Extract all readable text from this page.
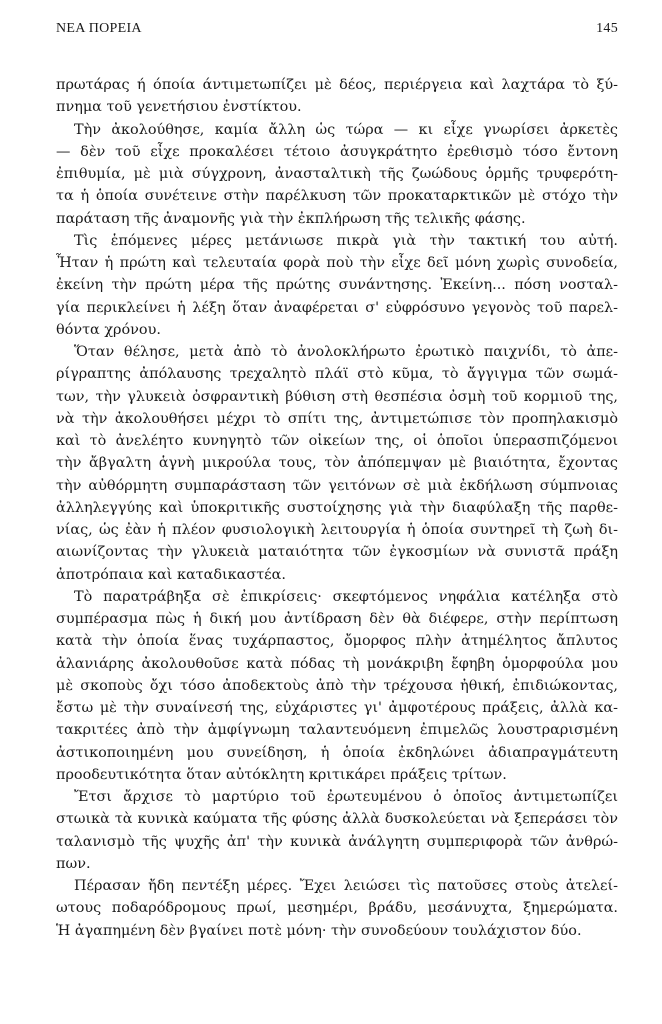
ΝΕΑ ΠΟΡΕΙΑ	145
πρωτάρας ή όποία άντιμετωπίζει μὲ δέος, περιέργεια καὶ λαχτάρα τὸ ξύ-
πνημα τοῦ γενετήσιου ἐνστίκτου.
Τὴν ἀκολούθησε, καμία ἄλλη ὡς τώρα — κι εἶχε γνωρίσει ἀρκετὲς
— δὲν τοῦ εἶχε προκαλέσει τέτοιο ἀσυγκράτητο ἐρεθισμὸ τόσο ἔντονη
ἐπιθυμία, μὲ μιὰ σύγχρονη, ἀνασταλτικὴ τῆς ζωώδους ὁρμῆς τρυφερότη-
τα ἡ ὁποία συνέτεινε στὴν παρέλκυση τῶν προκαταρκτικῶν μὲ στόχο τὴν
παράταση τῆς ἀναμονῆς γιὰ τὴν ἐκπλήρωση τῆς τελικῆς φάσης.
Τὶς ἑπόμενες μέρες μετάνιωσε πικρὰ γιὰ τὴν τακτική του αὐτή.
Ἦταν ἡ πρώτη καὶ τελευταία φορὰ ποὺ τὴν εἶχε δεῖ μόνη χωρὶς συνοδεία,
ἐκείνη τὴν πρώτη μέρα τῆς πρώτης συνάντησης. Ἐκείνη... πόση νοσταλ-
γία περικλείνει ἡ λέξη ὅταν ἀναφέρεται σ' εὐφρόσυνο γεγονὸς τοῦ παρελ-
θόντα χρόνου.
Ὅταν θέλησε, μετὰ ἀπὸ τὸ ἀνολοκλήρωτο ἐρωτικὸ παιχνίδι, τὸ ἀπε-
ρίγραπτης ἀπόλαυσης τρεχαλητὸ πλάϊ στὸ κῦμα, τὸ ἄγγιγμα τῶν σωμά-
των, τὴν γλυκειὰ ὀσφραντικὴ βύθιση στὴ θεσπέσια ὀσμὴ τοῦ κορμιοῦ της,
νὰ τὴν ἀκολουθήσει μέχρι τὸ σπίτι της, ἀντιμετώπισε τὸν προπηλακισμὸ
καὶ τὸ ἀνελέητο κυνηγητὸ τῶν οἰκείων της, οἱ ὁποῖοι ὑπερασπιζόμενοι
τὴν ἄβγαλτη ἁγνὴ μικρούλα τους, τὸν ἀπόπεμψαν μὲ βιαιότητα, ἔχοντας
τὴν αὐθόρμητη συμπαράσταση τῶν γειτόνων σὲ μιὰ ἐκδήλωση σύμπνοιας
ἀλληλεγγύης καὶ ὑποκριτικῆς συστοίχησης γιὰ τὴν διαφύλαξη τῆς παρθε-
νίας, ὡς ἐὰν ἡ πλέον φυσιολογικὴ λειτουργία ἡ ὁποία συντηρεῖ τὴ ζωὴ δι-
αιωνίζοντας τὴν γλυκειὰ ματαιότητα τῶν ἐγκοσμίων νὰ συνιστᾶ πράξη
ἀποτρόπαια καὶ καταδικαστέα.
Τὸ παρατράβηξα σὲ ἐπικρίσεις· σκεφτόμενος νηφάλια κατέληξα στὸ
συμπέρασμα πὼς ἡ δική μου ἀντίδραση δὲν θὰ διέφερε, στὴν περίπτωση
κατὰ τὴν ὁποία ἕνας τυχάρπαστος, ὄμορφος πλὴν ἀτημέλητος ἄπλυτος
ἀλανιάρης ἀκολουθοῦσε κατὰ πόδας τὴ μονάκριβη ἔφηβη ὁμορφούλα μου
μὲ σκοποὺς ὄχι τόσο ἀποδεκτοὺς ἀπὸ τὴν τρέχουσα ἠθική, ἐπιδιώκοντας,
ἔστω μὲ τὴν συναίνεσή της, εὐχάριστες γι' ἀμφοτέρους πράξεις, ἀλλὰ κα-
τακριτέες ἀπὸ τὴν ἀμφίγνωμη ταλαντευόμενη ἐπιμελῶς λουστραρισμένη
ἀστικοποιημένη μου συνείδηση, ἡ ὁποία ἐκδηλώνει ἀδιαπραγμάτευτη
προοδευτικότητα ὅταν αὐτόκλητη κριτικάρει πράξεις τρίτων.
Ἔτσι ἄρχισε τὸ μαρτύριο τοῦ ἐρωτευμένου ὁ ὁποῖος ἀντιμετωπίζει
στωικὰ τὰ κυνικὰ καύματα τῆς φύσης ἀλλὰ δυσκολεύεται νὰ ξεπεράσει τὸν
ταλανισμὸ τῆς ψυχῆς ἀπ' τὴν κυνικὰ ἀνάλγητη συμπεριφορὰ τῶν ἀνθρώ-
πων.
Πέρασαν ἤδη πεντέξη μέρες. Ἔχει λειώσει τὶς πατοῦσες στοὺς ἀτελεί-
ωτους ποδαρόδρομους πρωί, μεσημέρι, βράδυ, μεσάνυχτα, ξημερώματα.
Ἡ ἀγαπημένη δὲν βγαίνει ποτὲ μόνη· τὴν συνοδεύουν τουλάχιστον δύο.
